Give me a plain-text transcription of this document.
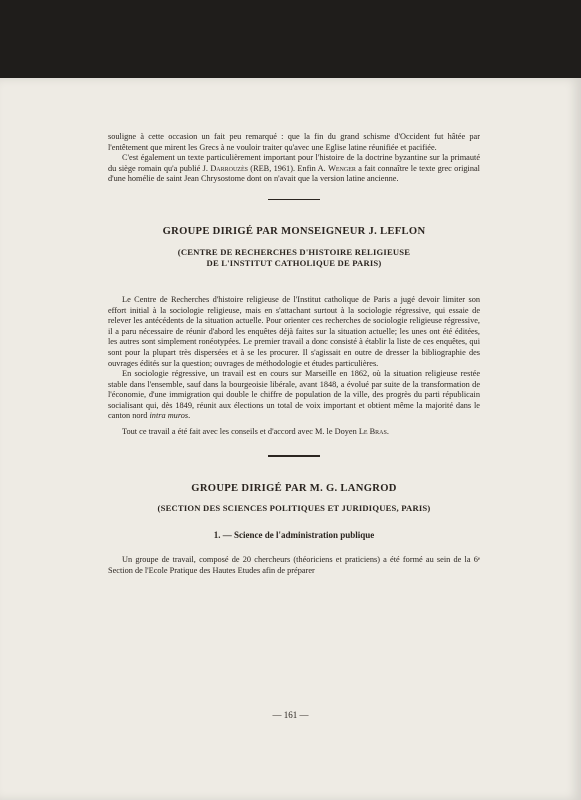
souligne à cette occasion un fait peu remarqué : que la fin du grand schisme d'Occident fut hâtée par l'entêtement que mirent les Grecs à ne vouloir traiter qu'avec une Eglise latine réunifiée et pacifiée.

C'est également un texte particulièrement important pour l'histoire de la doctrine byzantine sur la primauté du siège romain qu'a publié J. Darrouzès (REB, 1961). Enfin A. Wenger a fait connaître le texte grec original d'une homélie de saint Jean Chrysostome dont on n'avait que la version latine ancienne.

GROUPE DIRIGÉ PAR MONSEIGNEUR J. LEFLON
(CENTRE DE RECHERCHES D'HISTOIRE RELIGIEUSE
DE L'INSTITUT CATHOLIQUE DE PARIS)

Le Centre de Recherches d'histoire religieuse de l'Institut catholique de Paris a jugé devoir limiter son effort initial à la sociologie religieuse, mais en s'attachant surtout à la sociologie régressive, qui essaie de relever les antécédents de la situation actuelle. Pour orienter ces recherches de sociologie religieuse régressive, il a paru nécessaire de réunir d'abord les enquêtes déjà faites sur la situation actuelle; les unes ont été éditées, les autres sont simplement ronéotypées. Le premier travail a donc consisté à établir la liste de ces enquêtes, qui sont pour la plupart très dispersées et à se les procurer. Il s'agissait en outre de dresser la bibliographie des ouvrages édités sur la question; ouvrages de méthodologie et études particulières.

En sociologie régressive, un travail est en cours sur Marseille en 1862, où la situation religieuse restée stable dans l'ensemble, sauf dans la bourgeoisie libérale, avant 1848, a évolué par suite de la transformation de l'économie, d'une immigration qui double le chiffre de population de la ville, des progrès du parti républicain socialisant qui, dès 1849, réunit aux élections un total de voix important et obtient même la majorité dans le canton nord intra muros.

Tout ce travail a été fait avec les conseils et d'accord avec M. le Doyen Le Bras.

GROUPE DIRIGÉ PAR M. G. LANGROD
(SECTION DES SCIENCES POLITIQUES ET JURIDIQUES, PARIS)
1. — Science de l'administration publique

Un groupe de travail, composé de 20 chercheurs (théoriciens et praticiens) a été formé au sein de la 6ᵉ Section de l'Ecole Pratique des Hautes Etudes afin de préparer

— 161 —
